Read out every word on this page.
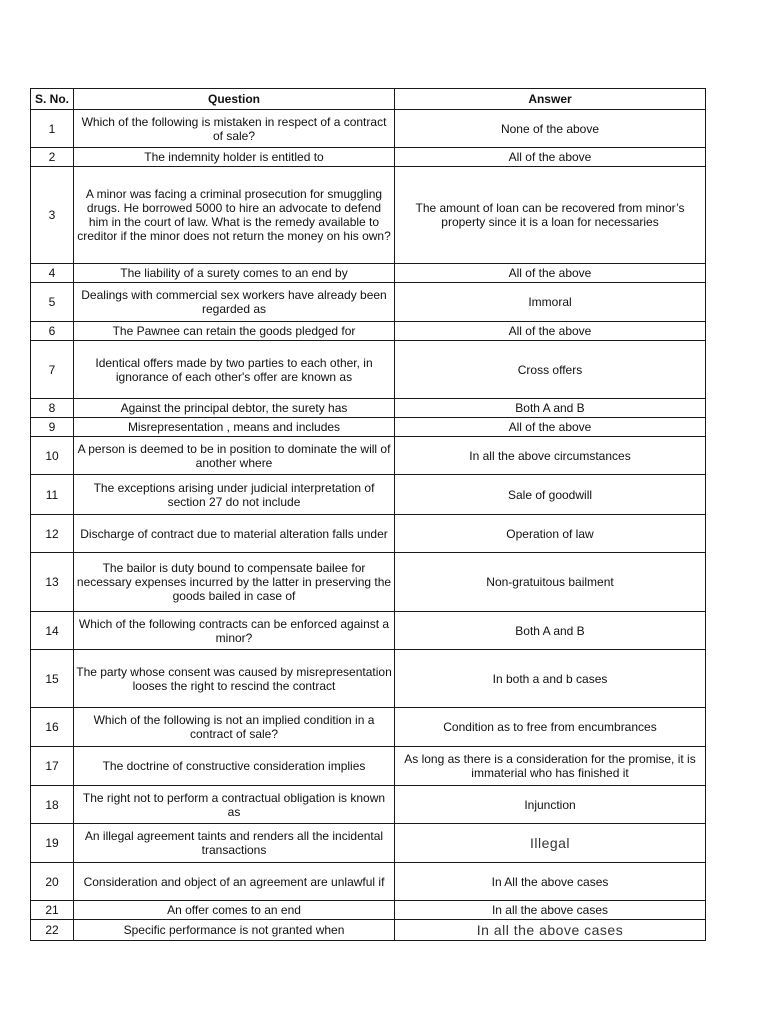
S. No.	Question	Answer
1	Which of the following is mistaken in respect of a contract of sale?	None of the above
2	The indemnity holder is entitled to	All of the above
3	A minor was facing a criminal prosecution for smuggling drugs. He borrowed 5000 to hire an advocate to defend him in the court of law. What is the remedy available to creditor if the minor does not return the money on his own?	The amount of loan can be recovered from minor’s property since it is a loan for necessaries
4	The liability of a surety comes to an end by	All of the above
5	Dealings with commercial sex workers have already been regarded as	Immoral
6	The Pawnee can retain the goods pledged for	All of the above
7	Identical offers made by two parties to each other, in ignorance of each other's offer are known as	Cross offers
8	Against the principal debtor, the surety has	Both A and B
9	Misrepresentation , means and includes	All of the above
10	A person is deemed to be in position to dominate the will of another where	In all the above circumstances
11	The exceptions arising under judicial interpretation of section 27 do not include	Sale of goodwill
12	Discharge of contract due to material alteration falls under	Operation of law
13	The bailor is duty bound to compensate bailee for necessary expenses incurred by the latter in preserving the goods bailed in case of	Non-gratuitous bailment
14	Which of the following contracts can be enforced against a minor?	Both A and B
15	The party whose consent was caused by misrepresentation looses the right to rescind the contract	In both a and b cases
16	Which of the following is not an implied condition in a contract of sale?	Condition as to free from encumbrances
17	The doctrine of constructive consideration implies	As long as there is a consideration for the promise, it is immaterial who has finished it
18	The right not to perform a contractual obligation is known as	Injunction
19	An illegal agreement taints and renders all the incidental transactions	Illegal
20	Consideration and object of an agreement are unlawful if	In All the above cases
21	An offer comes to an end	In all the above cases
22	Specific performance is not granted when	In all the above cases
